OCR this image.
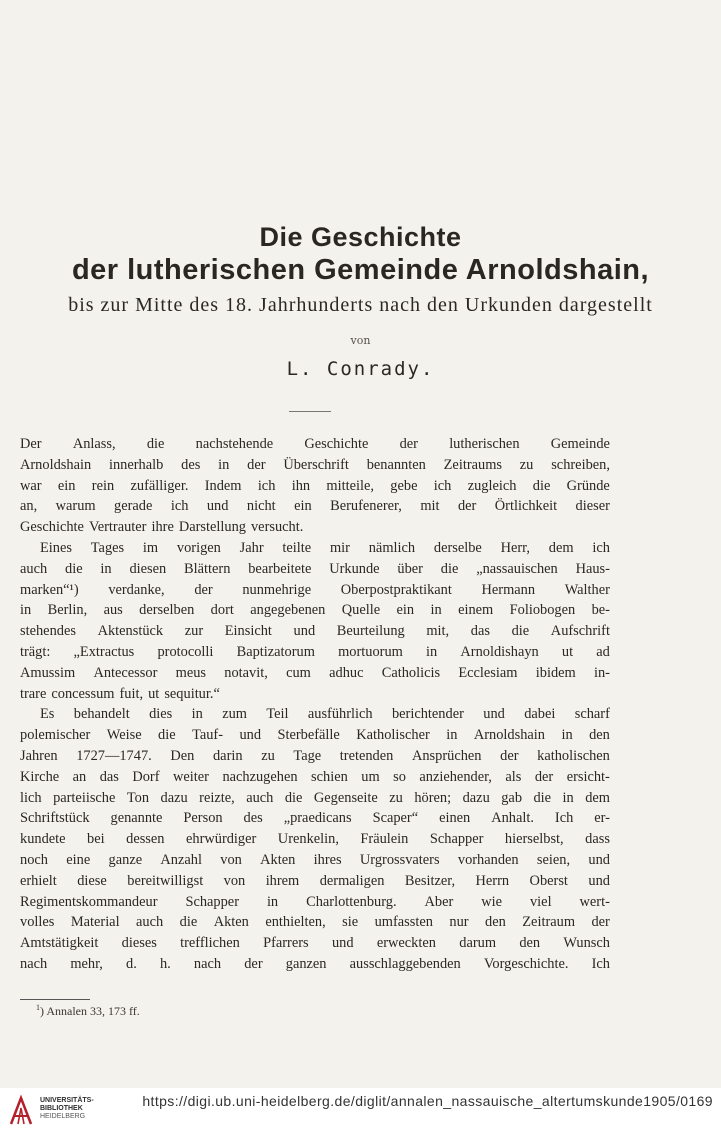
Die Geschichte
der lutherischen Gemeinde Arnoldshain,
bis zur Mitte des 18. Jahrhunderts nach den Urkunden dargestellt
von
L. Conrady.
Der Anlass, die nachstehende Geschichte der lutherischen Gemeinde
Arnoldshain innerhalb des in der Überschrift benannten Zeitraums zu schreiben,
war ein rein zufälliger. Indem ich ihn mitteile, gebe ich zugleich die Gründe
an, warum gerade ich und nicht ein Berufenerer, mit der Örtlichkeit dieser
Geschichte Vertrauter ihre Darstellung versucht.
Eines Tages im vorigen Jahr teilte mir nämlich derselbe Herr, dem ich
auch die in diesen Blättern bearbeitete Urkunde über die „nassauischen Haus-
marken“¹) verdanke, der nunmehrige Oberpostpraktikant Hermann Walther
in Berlin, aus derselben dort angegebenen Quelle ein in einem Foliobogen be-
stehendes Aktenstück zur Einsicht und Beurteilung mit, das die Aufschrift
trägt: „Extractus protocolli Baptizatorum mortuorum in Arnoldishayn ut ad
Amussim Antecessor meus notavit, cum adhuc Catholicis Ecclesiam ibidem in-
trare concessum fuit, ut sequitur.“
Es behandelt dies in zum Teil ausführlich berichtender und dabei scharf
polemischer Weise die Tauf- und Sterbefälle Katholischer in Arnoldshain in den
Jahren 1727—1747. Den darin zu Tage tretenden Ansprüchen der katholischen
Kirche an das Dorf weiter nachzugehen schien um so anziehender, als der ersicht-
lich parteiische Ton dazu reizte, auch die Gegenseite zu hören; dazu gab die in dem
Schriftstück genannte Person des „praedicans Scaper“ einen Anhalt. Ich er-
kundete bei dessen ehrwürdiger Urenkelin, Fräulein Schapper hierselbst, dass
noch eine ganze Anzahl von Akten ihres Urgrossvaters vorhanden seien, und
erhielt diese bereitwilligst von ihrem dermaligen Besitzer, Herrn Oberst und
Regimentskommandeur Schapper in Charlottenburg. Aber wie viel wert-
volles Material auch die Akten enthielten, sie umfassten nur den Zeitraum der
Amtstätigkeit dieses trefflichen Pfarrers und erweckten darum den Wunsch
nach mehr, d. h. nach der ganzen ausschlaggebenden Vorgeschichte. Ich
$^1$) Annalen 33, 173 ff.
UNIVERSITÄTS-
BIBLIOTHEK
HEIDELBERG
https://digi.ub.uni-heidelberg.de/diglit/annalen_nassauische_altertumskunde1905/0169
